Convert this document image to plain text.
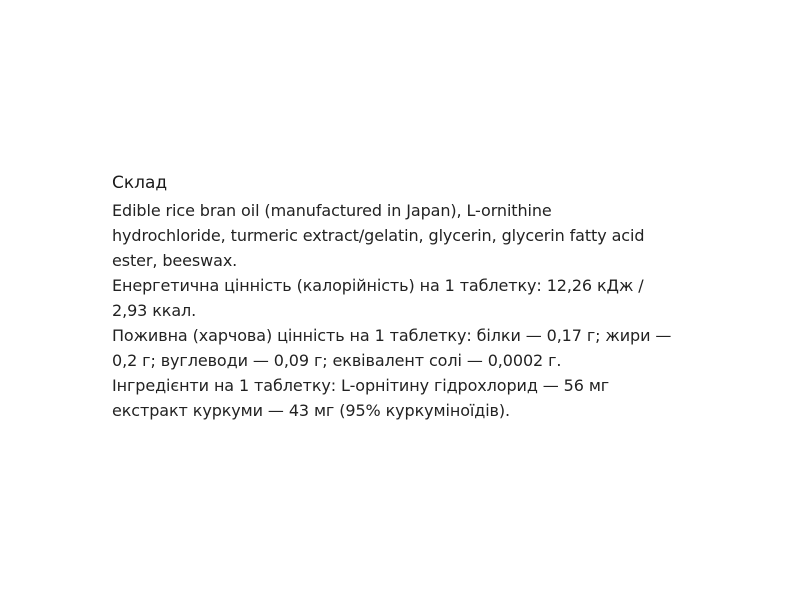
Склад

Edible rice bran oil (manufactured in Japan), L-ornithine
hydrochloride, turmeric extract/gelatin, glycerin, glycerin fatty acid
ester, beeswax.

Енергетична цінність (калорійність) на 1 таблетку: 12,26 кДж /
2,93 ккал.

Поживна (харчова) цінність на 1 таблетку: білки — 0,17 г; жири —
0,2 г; вуглеводи — 0,09 г; еквівалент солі — 0,0002 г.

Інгредієнти на 1 таблетку: L-орнітину гідрохлорид — 56 мг
екстракт куркуми — 43 мг (95% куркуміноїдів).
